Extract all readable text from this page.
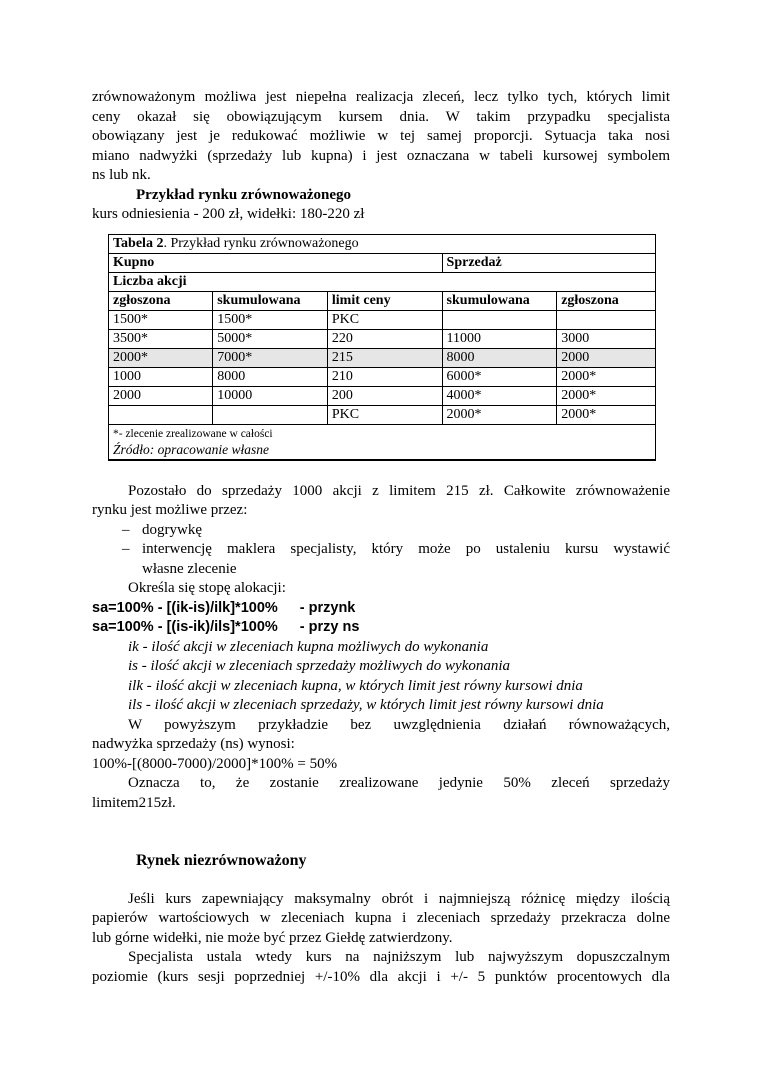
zrównoważonym możliwa jest niepełna realizacja zleceń, lecz tylko tych, których limit

ceny okazał się obowiązującym kursem dnia. W takim przypadku specjalista

obowiązany jest je redukować możliwie w tej samej proporcji. Sytuacja taka nosi

miano nadwyżki (sprzedaży lub kupna) i jest oznaczana w tabeli kursowej symbolem

ns lub nk.

Przykład rynku zrównoważonego

kurs odniesienia - 200 zł, widełki: 180-220 zł

Tabela 2. Przykład rynku zrównoważonego				
Kupno			Sprzedaż	
Liczba akcji				
zgłoszona	skumulowana	limit ceny	skumulowana	zgłoszona
1500*	1500*	PKC		
3500*	5000*	220	11000	3000
2000*	7000*	215	8000	2000
1000	8000	210	6000*	2000*
2000	10000	200	4000*	2000*
		PKC	2000*	2000*

*- zlecenie zrealizowane w całości
Źródło: opracowanie własne				

Pozostało do sprzedaży 1000 akcji z limitem 215 zł. Całkowite zrównoważenie

rynku jest możliwe przez:

– dogrywkę
– interwencję maklera specjalisty, który może po ustaleniu kursu wystawić
własne zlecenie

Określa się stopę alokacji:

sa=100% - [(ik-is)/ilk]*100% - przynk

sa=100% - [(is-ik)/ils]*100% - przy ns

ik - ilość akcji w zleceniach kupna możliwych do wykonania

is - ilość akcji w zleceniach sprzedaży możliwych do wykonania

ilk - ilość akcji w zleceniach kupna, w których limit jest równy kursowi dnia

ils - ilość akcji w zleceniach sprzedaży, w których limit jest równy kursowi dnia

W powyższym przykładzie bez uwzględnienia działań równoważących,

nadwyżka sprzedaży (ns) wynosi:

100%-[(8000-7000)/2000]*100% = 50%

Oznacza to, że zostanie zrealizowane jedynie 50% zleceń sprzedaży

limitem215zł.

Rynek niezrównoważony

Jeśli kurs zapewniający maksymalny obrót i najmniejszą różnicę między ilością

papierów wartościowych w zleceniach kupna i zleceniach sprzedaży przekracza dolne

lub górne widełki, nie może być przez Giełdę zatwierdzony.

Specjalista ustala wtedy kurs na najniższym lub najwyższym dopuszczalnym

poziomie (kurs sesji poprzedniej +/-10% dla akcji i +/- 5 punktów procentowych dla
